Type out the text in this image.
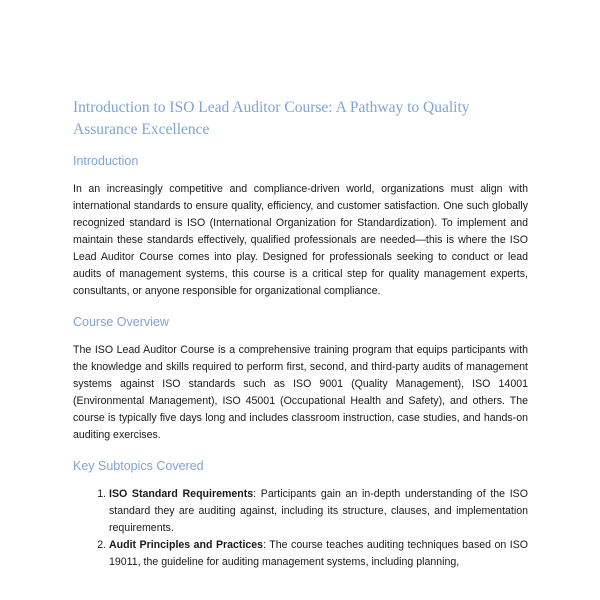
Introduction to ISO Lead Auditor Course: A Pathway to Quality Assurance Excellence
Introduction

In an increasingly competitive and compliance-driven world, organizations must align with international standards to ensure quality, efficiency, and customer satisfaction. One such globally recognized standard is ISO (International Organization for Standardization). To implement and maintain these standards effectively, qualified professionals are needed—this is where the ISO Lead Auditor Course comes into play. Designed for professionals seeking to conduct or lead audits of management systems, this course is a critical step for quality management experts, consultants, or anyone responsible for organizational compliance.

Course Overview

The ISO Lead Auditor Course is a comprehensive training program that equips participants with the knowledge and skills required to perform first, second, and third-party audits of management systems against ISO standards such as ISO 9001 (Quality Management), ISO 14001 (Environmental Management), ISO 45001 (Occupational Health and Safety), and others. The course is typically five days long and includes classroom instruction, case studies, and hands-on auditing exercises.

Key Subtopics Covered
1. ISO Standard Requirements: Participants gain an in-depth understanding of the ISO standard they are auditing against, including its structure, clauses, and implementation requirements.
2. Audit Principles and Practices: The course teaches auditing techniques based on ISO 19011, the guideline for auditing management systems, including planning,
